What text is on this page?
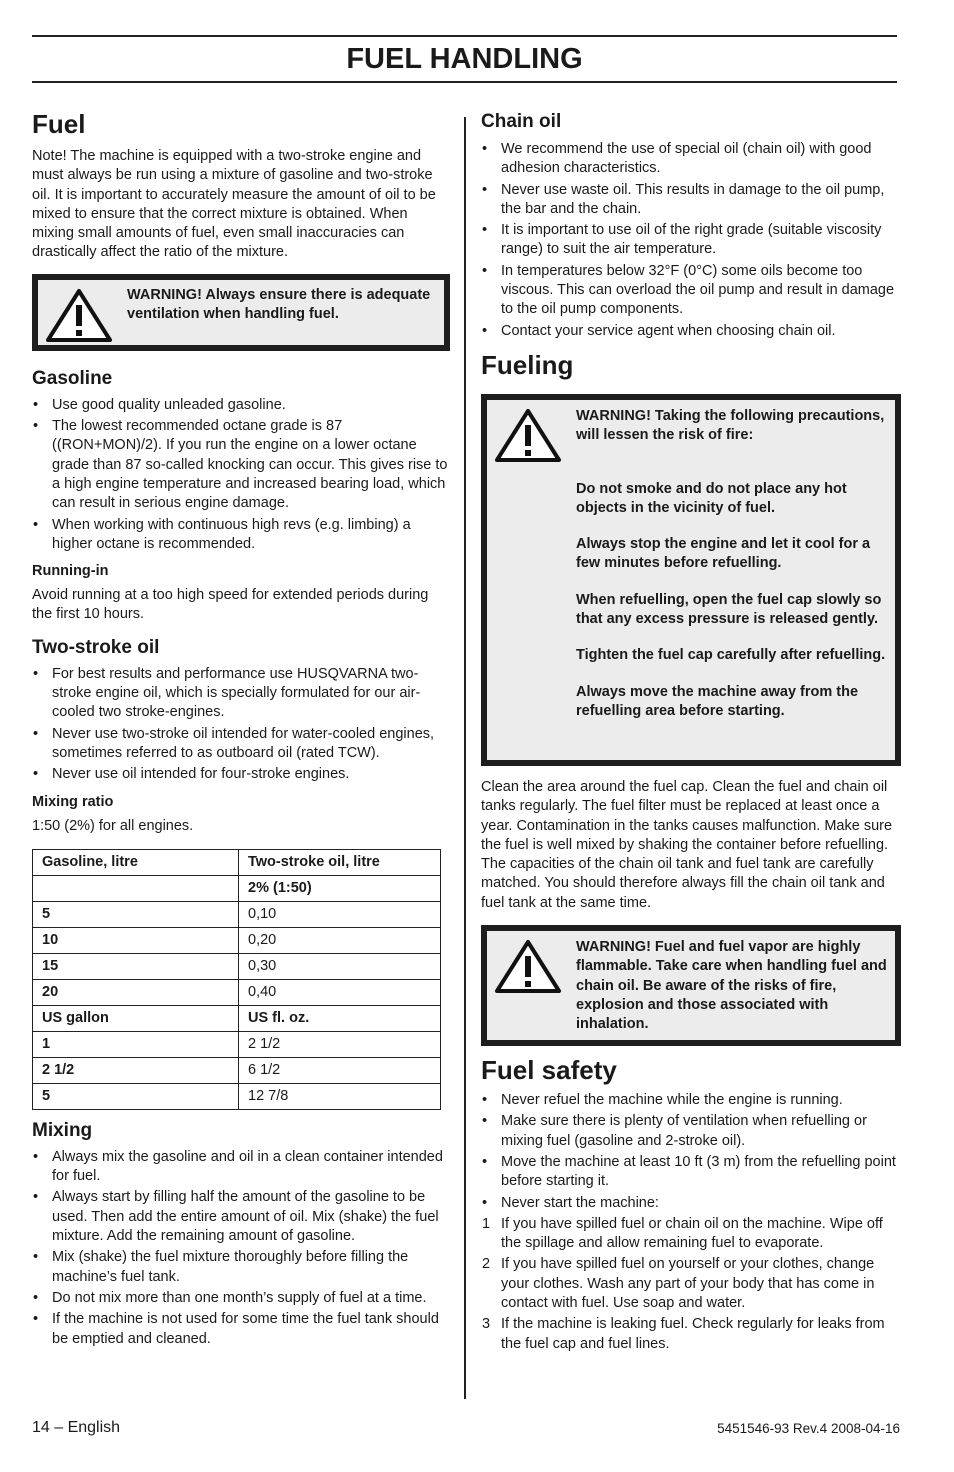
FUEL HANDLING
Fuel

Note! The machine is equipped with a two-stroke engine and must always be run using a mixture of gasoline and two-stroke oil. It is important to accurately measure the amount of oil to be mixed to ensure that the correct mixture is obtained. When mixing small amounts of fuel, even small inaccuracies can drastically affect the ratio of the mixture.

WARNING! Always ensure there is adequate ventilation when handling fuel.

Gasoline
• Use good quality unleaded gasoline.
• The lowest recommended octane grade is 87 ((RON+MON)/2). If you run the engine on a lower octane grade than 87 so-called knocking can occur. This gives rise to a high engine temperature and increased bearing load, which can result in serious engine damage.
• When working with continuous high revs (e.g. limbing) a higher octane is recommended.
Running-in

Avoid running at a too high speed for extended periods during the first 10 hours.

Two-stroke oil
• For best results and performance use HUSQVARNA two-stroke engine oil, which is specially formulated for our air-cooled two stroke-engines.
• Never use two-stroke oil intended for water-cooled engines, sometimes referred to as outboard oil (rated TCW).
• Never use oil intended for four-stroke engines.
Mixing ratio

1:50 (2%) for all engines.

Gasoline, litre	Two-stroke oil, litre
	2% (1:50)
5	0,10
10	0,20
15	0,30
20	0,40
US gallon	US fl. oz.
1	2 1/2
2 1/2	6 1/2
5	12 7/8
Mixing
• Always mix the gasoline and oil in a clean container intended for fuel.
• Always start by filling half the amount of the gasoline to be used. Then add the entire amount of oil. Mix (shake) the fuel mixture. Add the remaining amount of gasoline.
• Mix (shake) the fuel mixture thoroughly before filling the machine’s fuel tank.
• Do not mix more than one month’s supply of fuel at a time.
• If the machine is not used for some time the fuel tank should be emptied and cleaned.
Chain oil
• We recommend the use of special oil (chain oil) with good adhesion characteristics.
• Never use waste oil. This results in damage to the oil pump, the bar and the chain.
• It is important to use oil of the right grade (suitable viscosity range) to suit the air temperature.
• In temperatures below 32°F (0°C) some oils become too viscous. This can overload the oil pump and result in damage to the oil pump components.
• Contact your service agent when choosing chain oil.
Fueling

WARNING! Taking the following precautions, will lessen the risk of fire:

Do not smoke and do not place any hot objects in the vicinity of fuel.

Always stop the engine and let it cool for a few minutes before refuelling.

When refuelling, open the fuel cap slowly so that any excess pressure is released gently.

Tighten the fuel cap carefully after refuelling.

Always move the machine away from the refuelling area before starting.

Clean the area around the fuel cap. Clean the fuel and chain oil tanks regularly. The fuel filter must be replaced at least once a year. Contamination in the tanks causes malfunction. Make sure the fuel is well mixed by shaking the container before refuelling. The capacities of the chain oil tank and fuel tank are carefully matched. You should therefore always fill the chain oil tank and fuel tank at the same time.

WARNING! Fuel and fuel vapor are highly flammable. Take care when handling fuel and chain oil. Be aware of the risks of fire, explosion and those associated with inhalation.

Fuel safety
• Never refuel the machine while the engine is running.
• Make sure there is plenty of ventilation when refuelling or mixing fuel (gasoline and 2-stroke oil).
• Move the machine at least 10 ft (3 m) from the refuelling point before starting it.
• Never start the machine:
1 If you have spilled fuel or chain oil on the machine. Wipe off the spillage and allow remaining fuel to evaporate.
2 If you have spilled fuel on yourself or your clothes, change your clothes. Wash any part of your body that has come in contact with fuel. Use soap and water.
3 If the machine is leaking fuel. Check regularly for leaks from the fuel cap and fuel lines.
14 – English	5451546-93 Rev.4 2008-04-16
